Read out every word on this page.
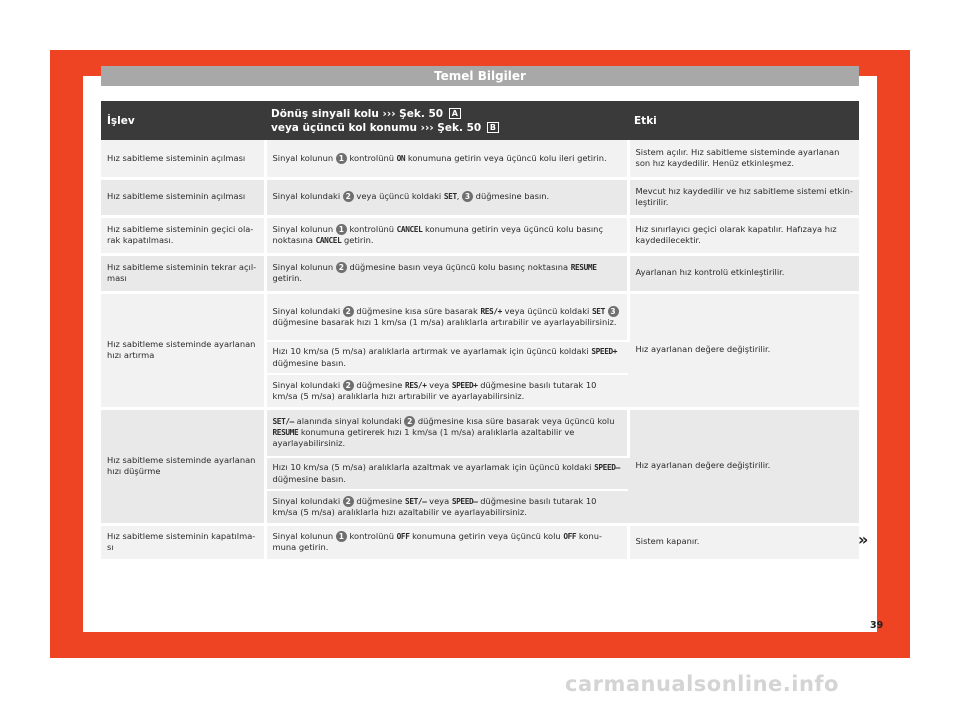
Temel Bilgiler
İşlev	Dönüş sinyali kolu ››› Şek. 50 A
veya üçüncü kol konumu ››› Şek. 50 B	Etki
Hız sabitleme sisteminin açılması	Sinyal kolunun 1 kontrolünü ON konumuna getirin veya üçüncü kolu ileri getirin.	Sistem açılır. Hız sabitleme sisteminde ayarlanan son hız kaydedilir. Henüz etkinleşmez.
Hız sabitleme sisteminin açılması	Sinyal kolundaki 2 veya üçüncü koldaki SET, 3 düğmesine basın.	Mevcut hız kaydedilir ve hız sabitleme sistemi etkinleştirilir.
Hız sabitleme sisteminin geçici olarak kapatılması.	Sinyal kolunun 1 kontrolünü CANCEL konumuna getirin veya üçüncü kolu basınç noktasına CANCEL getirin.	Hız sınırlayıcı geçici olarak kapatılır. Hafızaya hız kaydedilecektir.
Hız sabitleme sisteminin tekrar açılması	Sinyal kolunun 2 düğmesine basın veya üçüncü kolu basınç noktasına RESUME getirin.	Ayarlanan hız kontrolü etkinleştirilir.
Hız sabitleme sisteminde ayarlanan hızı artırma	Sinyal kolundaki 2 düğmesine kısa süre basarak RES/+ veya üçüncü koldaki SET 3 düğmesine basarak hızı 1 km/sa (1 m/sa) aralıklarla artırabilir ve ayarlayabilirsiniz.	Hız ayarlanan değere değiştirilir.
	Hızı 10 km/sa (5 m/sa) aralıklarla artırmak ve ayarlamak için üçüncü koldaki SPEED+ düğmesine basın.	
	Sinyal kolundaki 2 düğmesine RES/+ veya SPEED+ düğmesine basılı tutarak 10 km/sa (5 m/sa) aralıklarla hızı artırabilir ve ayarlayabilirsiniz.	
Hız sabitleme sisteminde ayarlanan hızı düşürme	SET/– alanında sinyal kolundaki 2 düğmesine kısa süre basarak veya üçüncü kolu RESUME konumuna getirerek hızı 1 km/sa (1 m/sa) aralıklarla azaltabilir ve ayarlayabilirsiniz.	Hız ayarlanan değere değiştirilir.
	Hızı 10 km/sa (5 m/sa) aralıklarla azaltmak ve ayarlamak için üçüncü koldaki SPEED– düğmesine basın.	
	Sinyal kolundaki 2 düğmesine SET/– veya SPEED– düğmesine basılı tutarak 10 km/sa (5 m/sa) aralıklarla hızı azaltabilir ve ayarlayabilirsiniz.	
Hız sabitleme sisteminin kapatılması	Sinyal kolunun 1 kontrolünü OFF konumuna getirin veya üçüncü kolu OFF konumuna getirin.	Sistem kapanır.	»
39
carmanualsonline.info
